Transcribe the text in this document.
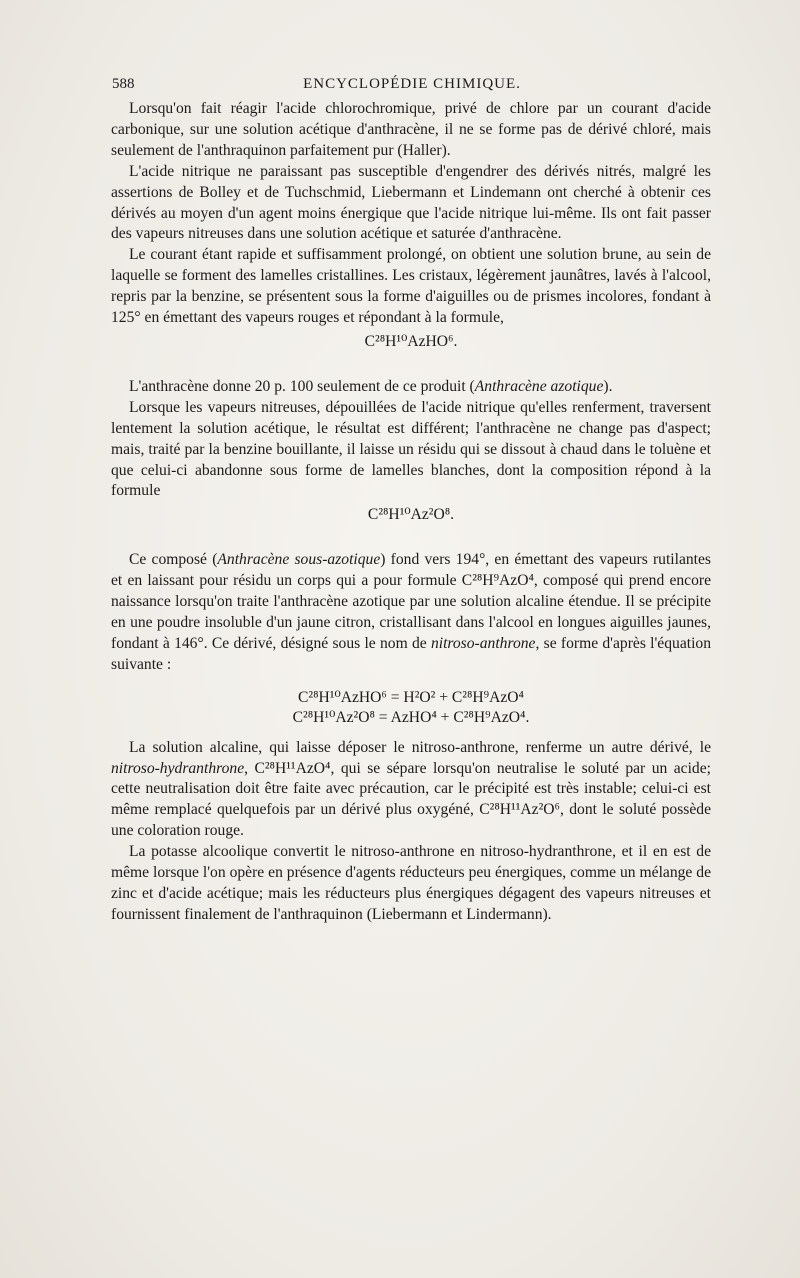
588	ENCYCLOPÉDIE CHIMIQUE.

Lorsqu'on fait réagir l'acide chlorochromique, privé de chlore par un courant d'acide carbonique, sur une solution acétique d'anthracène, il ne se forme pas de dérivé chloré, mais seulement de l'anthraquinon parfaitement pur (Haller).

L'acide nitrique ne paraissant pas susceptible d'engendrer des dérivés nitrés, malgré les assertions de Bolley et de Tuchschmid, Liebermann et Lindemann ont cherché à obtenir ces dérivés au moyen d'un agent moins énergique que l'acide nitrique lui-même. Ils ont fait passer des vapeurs nitreuses dans une solution acétique et saturée d'anthracène.

Le courant étant rapide et suffisamment prolongé, on obtient une solution brune, au sein de laquelle se forment des lamelles cristallines. Les cristaux, légèrement jaunâtres, lavés à l'alcool, repris par la benzine, se présentent sous la forme d'aiguilles ou de prismes incolores, fondant à 125° en émettant des vapeurs rouges et répondant à la formule,

C²⁸H¹⁰AzHO⁶.

L'anthracène donne 20 p. 100 seulement de ce produit (Anthracène azotique).

Lorsque les vapeurs nitreuses, dépouillées de l'acide nitrique qu'elles renferment, traversent lentement la solution acétique, le résultat est différent; l'anthracène ne change pas d'aspect; mais, traité par la benzine bouillante, il laisse un résidu qui se dissout à chaud dans le toluène et que celui-ci abandonne sous forme de lamelles blanches, dont la composition répond à la formule

C²⁸H¹⁰Az²O⁸.

Ce composé (Anthracène sous-azotique) fond vers 194°, en émettant des vapeurs rutilantes et en laissant pour résidu un corps qui a pour formule C²⁸H⁹AzO⁴, composé qui prend encore naissance lorsqu'on traite l'anthracène azotique par une solution alcaline étendue. Il se précipite en une poudre insoluble d'un jaune citron, cristallisant dans l'alcool en longues aiguilles jaunes, fondant à 146°. Ce dérivé, désigné sous le nom de nitroso-anthrone, se forme d'après l'équation suivante :

C²⁸H¹⁰AzHO⁶ = H²O² + C²⁸H⁹AzO⁴
C²⁸H¹⁰Az²O⁸ = AzHO⁴ + C²⁸H⁹AzO⁴.

La solution alcaline, qui laisse déposer le nitroso-anthrone, renferme un autre dérivé, le nitroso-hydranthrone, C²⁸H¹¹AzO⁴, qui se sépare lorsqu'on neutralise le soluté par un acide; cette neutralisation doit être faite avec précaution, car le précipité est très instable; celui-ci est même remplacé quelquefois par un dérivé plus oxygéné, C²⁸H¹¹Az²O⁶, dont le soluté possède une coloration rouge.

La potasse alcoolique convertit le nitroso-anthrone en nitroso-hydranthrone, et il en est de même lorsque l'on opère en présence d'agents réducteurs peu énergiques, comme un mélange de zinc et d'acide acétique; mais les réducteurs plus énergiques dégagent des vapeurs nitreuses et fournissent finalement de l'anthraquinon (Liebermann et Lindermann).
